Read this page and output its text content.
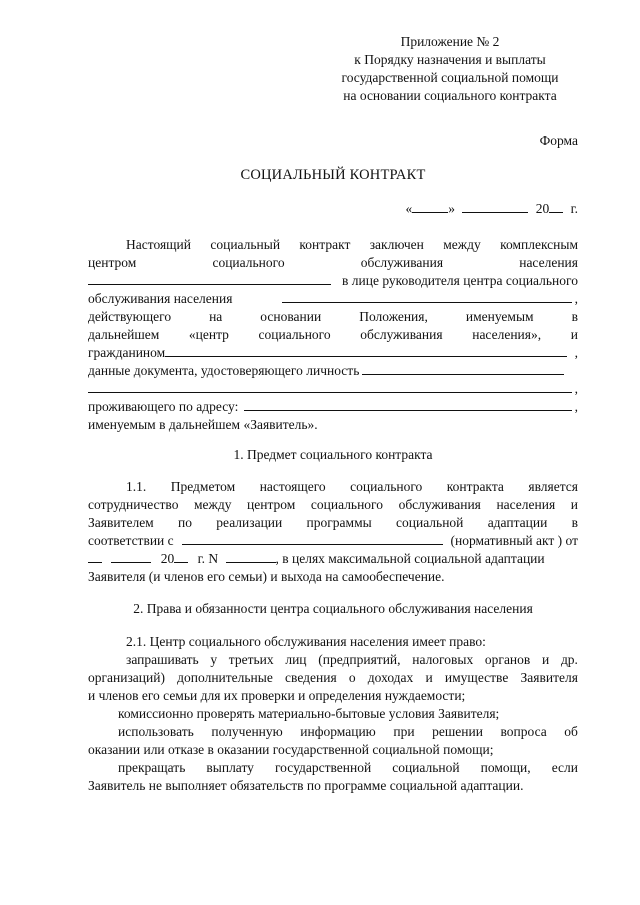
Приложение № 2
к Порядку назначения и выплаты
государственной социальной помощи
на основании социального контракта
Форма
СОЦИАЛЬНЫЙ КОНТРАКТ
«	»	20 г.
Настоящий социальный контракт заключен между комплексным
центром	социального	обслуживания	населения
в лице руководителя центра социального
обслуживания населения	,
действующего	на	основании	Положения,	именуемым	в
дальнейшем «центр социального обслуживания населения», и
гражданином	,
данные документа, удостоверяющего личность
,
проживающего по адресу:	,
именуемым в дальнейшем «Заявитель».
1. Предмет социального контракта
1.1. Предметом настоящего социального контракта является
сотрудничество между центром социального обслуживания населения и
Заявителем по реализации программы социальной адаптации в
соответствии с	(нормативный акт ) от
20 г. N	, в целях максимальной социальной адаптации
Заявителя (и членов его семьи) и выхода на самообеспечение.
2. Права и обязанности центра социального обслуживания населения
2.1. Центр социального обслуживания населения имеет право:
запрашивать у третьих лиц (предприятий, налоговых органов и др.
организаций) дополнительные сведения о доходах и имуществе Заявителя
и членов его семьи для их проверки и определения нуждаемости;
комиссионно проверять материально-бытовые условия Заявителя;
использовать полученную информацию при решении вопроса об
оказании или отказе в оказании государственной социальной помощи;
прекращать выплату государственной социальной помощи, если
Заявитель не выполняет обязательств по программе социальной адаптации.
